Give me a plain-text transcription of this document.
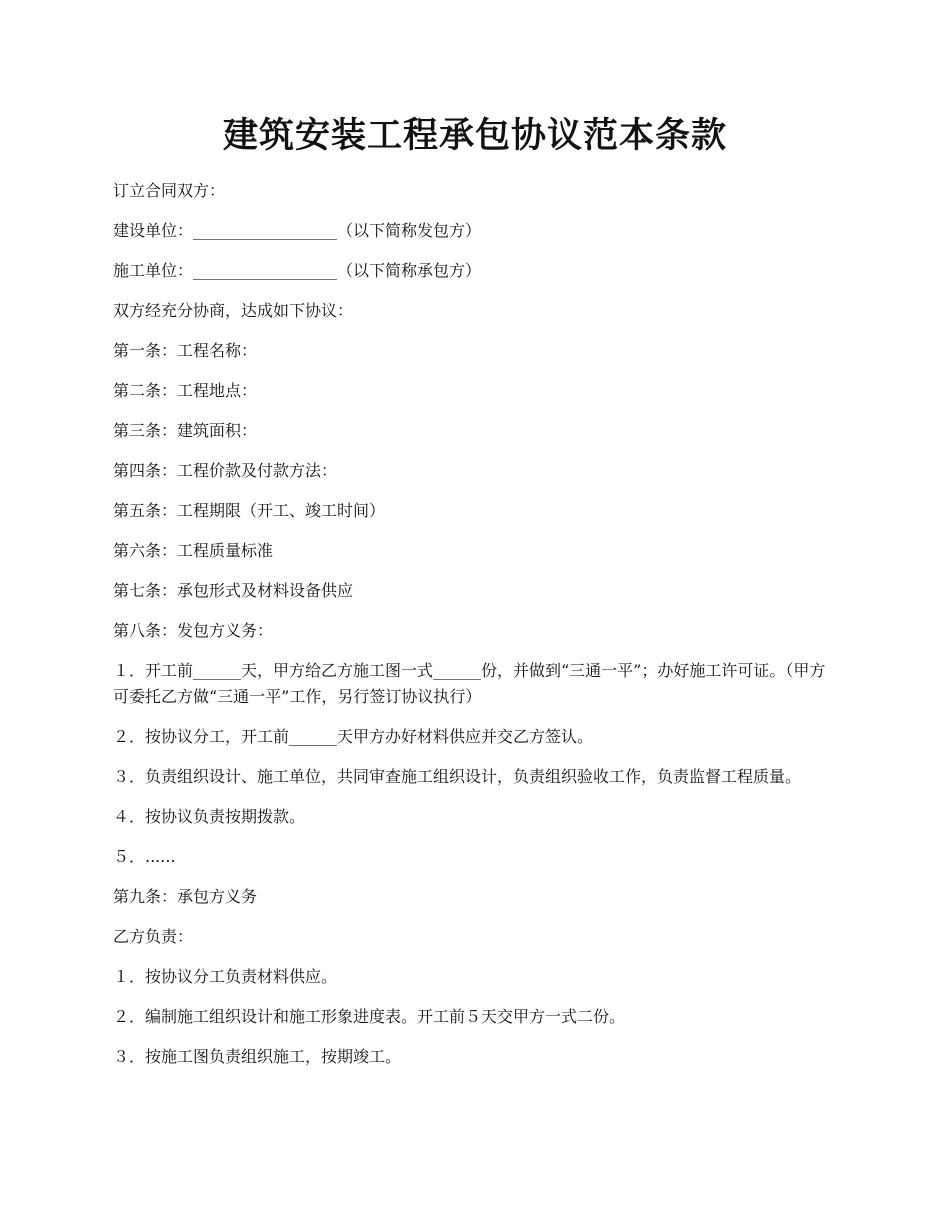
建筑安装工程承包协议范本条款

订立合同双方：

建设单位：__________________（以下简称发包方）

施工单位：__________________（以下简称承包方）

双方经充分协商，达成如下协议：

第一条：工程名称：

第二条：工程地点：

第三条：建筑面积：

第四条：工程价款及付款方法：

第五条：工程期限（开工、竣工时间）

第六条：工程质量标准

第七条：承包形式及材料设备供应

第八条：发包方义务：

１．开工前______天，甲方给乙方施工图一式______份，并做到“三通一平”；办好施工许可证。（甲方可委托乙方做“三通一平”工作，另行签订协议执行）

２．按协议分工，开工前______天甲方办好材料供应并交乙方签认。

３．负责组织设计、施工单位，共同审查施工组织设计，负责组织验收工作，负责监督工程质量。

４．按协议负责按期拨款。

５．......

第九条：承包方义务

乙方负责：

１．按协议分工负责材料供应。

２．编制施工组织设计和施工形象进度表。开工前５天交甲方一式二份。

３．按施工图负责组织施工，按期竣工。
